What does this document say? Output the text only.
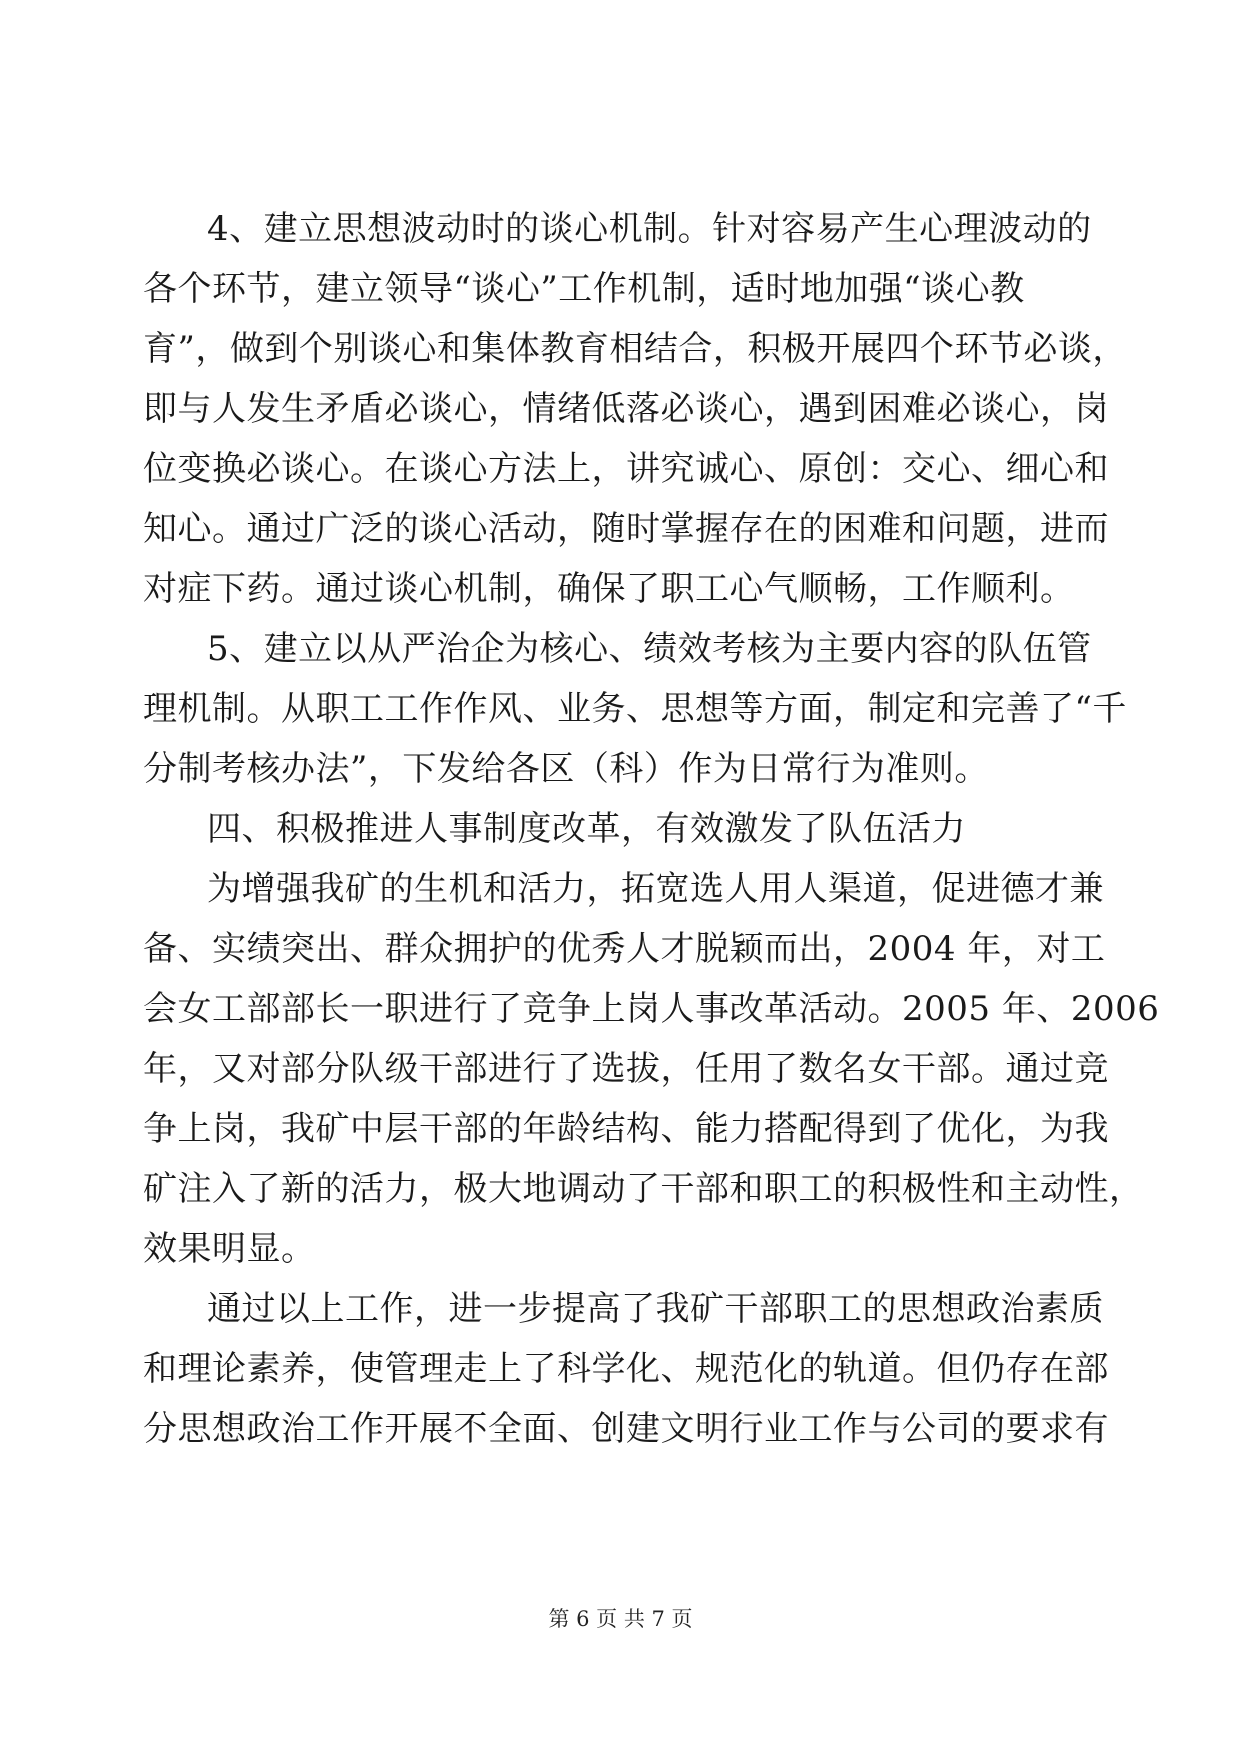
4、建立思想波动时的谈心机制。针对容易产生心理波动的
各个环节，建立领导“谈心”工作机制，适时地加强“谈心教
育”，做到个别谈心和集体教育相结合，积极开展四个环节必谈，
即与人发生矛盾必谈心，情绪低落必谈心，遇到困难必谈心，岗
位变换必谈心。在谈心方法上，讲究诚心、原创：交心、细心和
知心。通过广泛的谈心活动，随时掌握存在的困难和问题，进而
对症下药。通过谈心机制，确保了职工心气顺畅，工作顺利。
5、建立以从严治企为核心、绩效考核为主要内容的队伍管
理机制。从职工工作作风、业务、思想等方面，制定和完善了“千
分制考核办法”，下发给各区（科）作为日常行为准则。
四、积极推进人事制度改革，有效激发了队伍活力
为增强我矿的生机和活力，拓宽选人用人渠道，促进德才兼
备、实绩突出、群众拥护的优秀人才脱颖而出，2004 年，对工
会女工部部长一职进行了竞争上岗人事改革活动。2005 年、2006
年，又对部分队级干部进行了选拔，任用了数名女干部。通过竞
争上岗，我矿中层干部的年龄结构、能力搭配得到了优化，为我
矿注入了新的活力，极大地调动了干部和职工的积极性和主动性，
效果明显。
通过以上工作，进一步提高了我矿干部职工的思想政治素质
和理论素养，使管理走上了科学化、规范化的轨道。但仍存在部
分思想政治工作开展不全面、创建文明行业工作与公司的要求有
第 6 页 共 7 页
